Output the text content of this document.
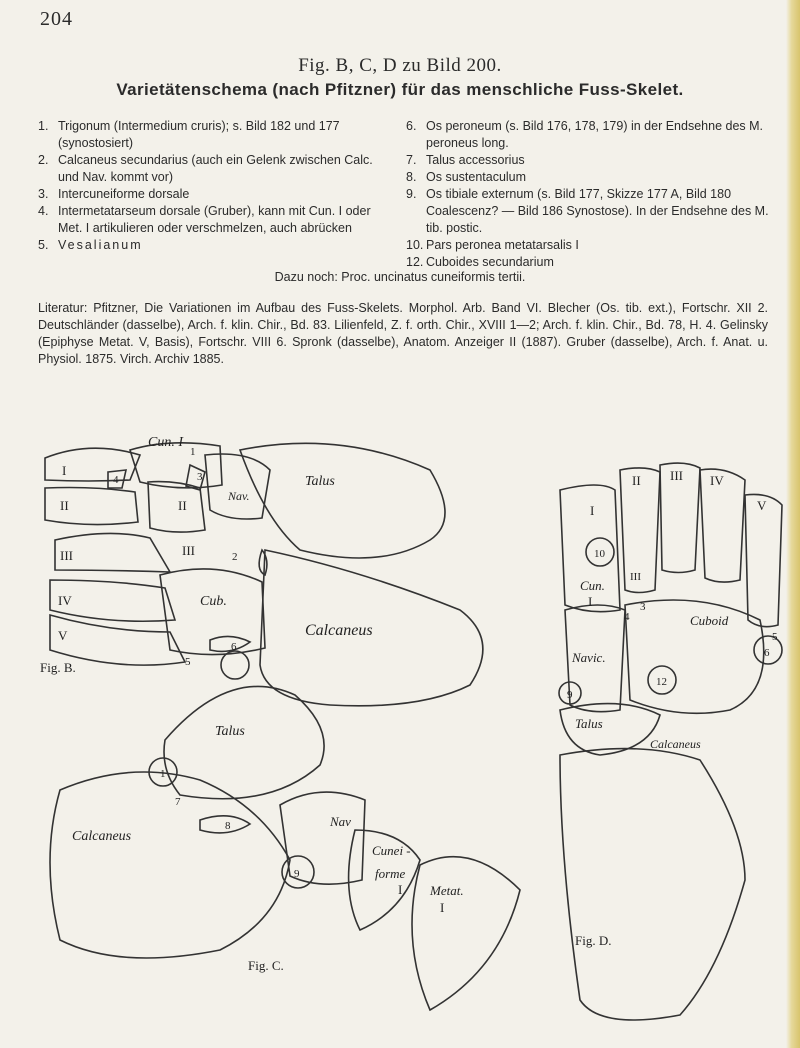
204
Fig. B, C, D zu Bild 200.
Varietätenschema (nach Pfitzner) für das menschliche Fuss-Skelet.
1. Trigonum (Intermedium cruris); s. Bild 182 und 177 (synostosiert)
2. Calcaneus secundarius (auch ein Gelenk zwischen Calc. und Nav. kommt vor)
3. Intercuneiforme dorsale
4. Intermetatarseum dorsale (Gruber), kann mit Cun. I oder Met. I artikulieren oder verschmelzen, auch abrücken
5. Vesalianum
6. Os peroneum (s. Bild 176, 178, 179) in der Endsehne des M. peroneus long.
7. Talus accessorius
8. Os sustentaculum
9. Os tibiale externum (s. Bild 177, Skizze 177 A, Bild 180 Coalescenz? — Bild 186 Synostose). In der Endsehne des M. tib. postic.
10. Pars peronea metatarsalis I
12. Cuboides secundarium
Dazu noch: Proc. uncinatus cuneiformis tertii.
Literatur: Pfitzner, Die Variationen im Aufbau des Fuss-Skelets. Morphol. Arb. Band VI. Blecher (Os. tib. ext.), Fortschr. XII 2. Deutschländer (dasselbe), Arch. f. klin. Chir., Bd. 83. Lilienfeld, Z. f. orth. Chir., XVIII 1—2; Arch. f. klin. Chir., Bd. 78, H. 4. Gelinsky (Epiphyse Metat. V, Basis), Fortschr. VIII 6. Spronk (dasselbe), Anatom. Anzeiger II (1887). Gruber (dasselbe), Arch. f. Anat. u. Physiol. 1875. Virch. Archiv 1885.
Cun. I
Talus
Nav.
Cub.
Calcaneus
I
II
III
IV
V
II
III
1
2
3
4
5
6
Fig. B.
Talus
Calcaneus
Nav
Cunei -
forme
I Metat.
I
1
7
8
9
Fig. C.
I
II III IV
V
Cun.
I
10
III
3
4
5
6
9
12
Cuboid
Navic.
Talus
Calcaneus
Fig. D.
